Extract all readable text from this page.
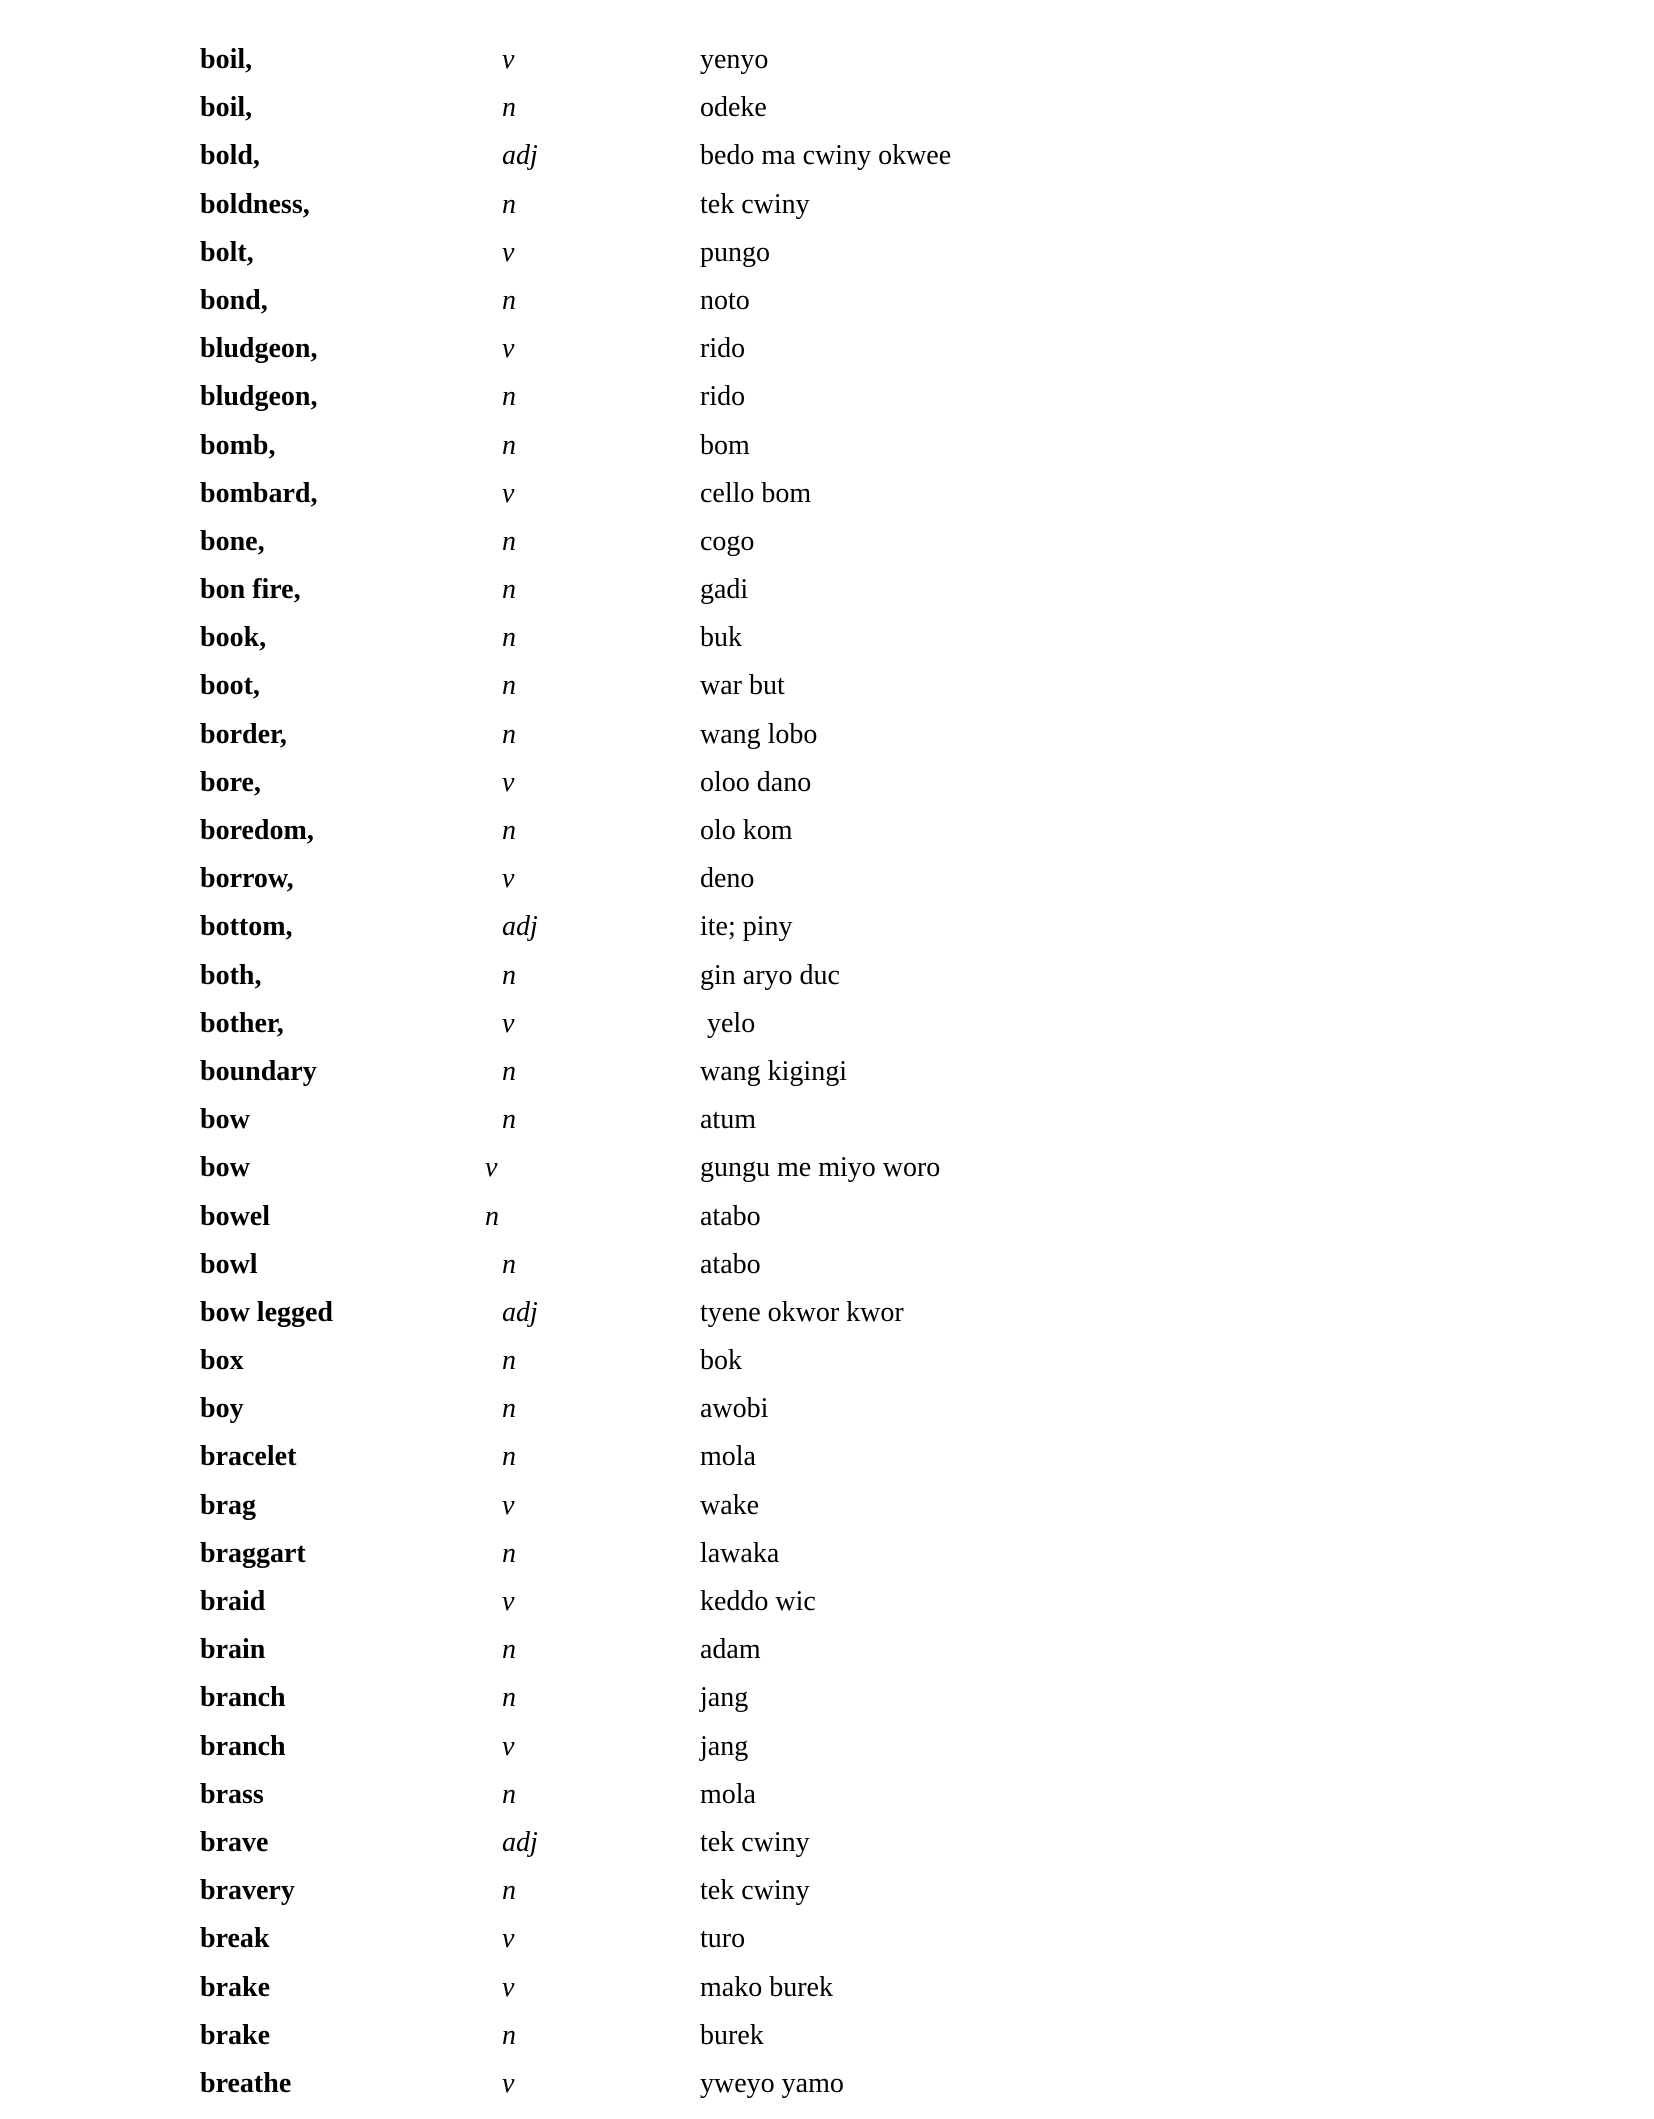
boil,	v	yenyo
boil,	n	odeke
bold,	adj	bedo ma cwiny okwee
boldness,	n	tek cwiny
bolt,	v	pungo
bond,	n	noto
bludgeon,	v	rido
bludgeon,	n	rido
bomb,	n	bom
bombard,	v	cello bom
bone,	n	cogo
bon fire,	n	gadi
book,	n	buk
boot,	n	war but
border,	n	wang lobo
bore,	v	oloo dano
boredom,	n	olo kom
borrow,	v	deno
bottom,	adj	ite; piny
both,	n	gin aryo duc
bother,	v	yelo
boundary	n	wang kigingi
bow	n	atum
bow	v	gungu me miyo woro
bowel	n	atabo
bowl	n	atabo
bow legged	adj	tyene okwor kwor
box	n	bok
boy	n	awobi
bracelet	n	mola
brag	v	wake
braggart	n	lawaka
braid	v	keddo wic
brain	n	adam
branch	n	jang
branch	v	jang
brass	n	mola
brave	adj	tek cwiny
bravery	n	tek cwiny
break	v	turo
brake	v	mako burek
brake	n	burek
breathe	v	yweyo yamo
